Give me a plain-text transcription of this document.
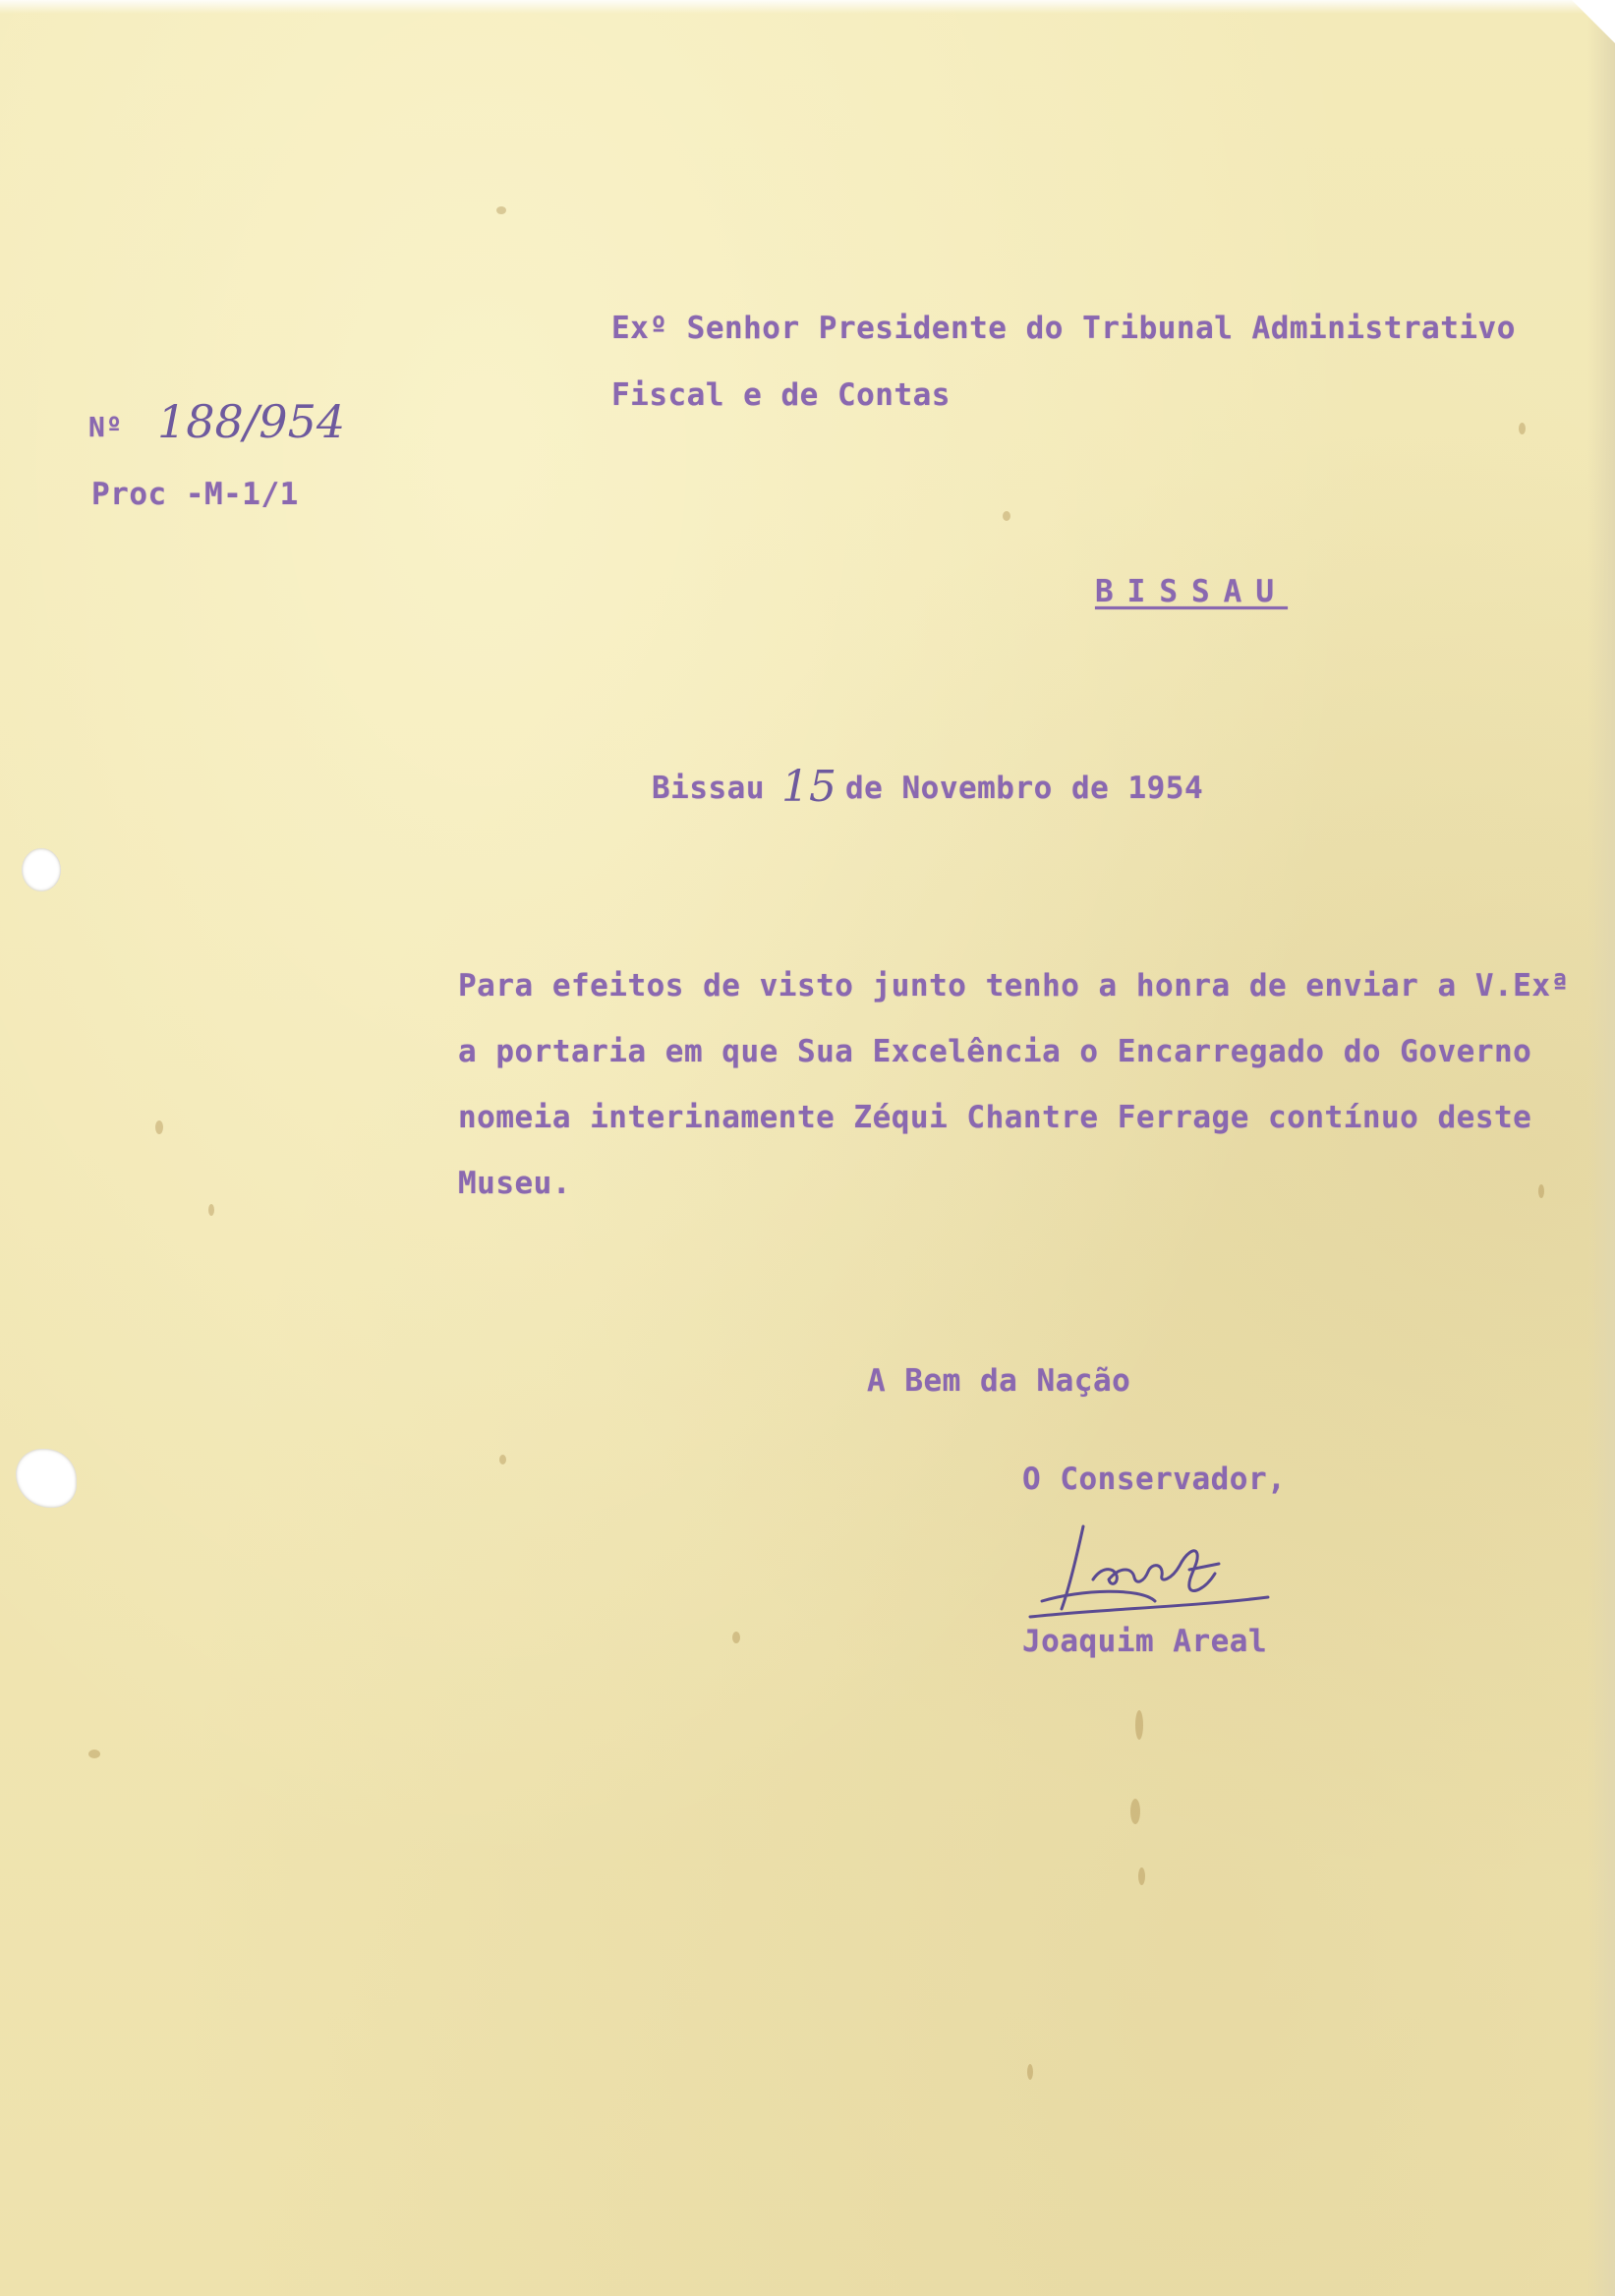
Nº 188/954

Proc -M-1/1

Exº Senhor Presidente do Tribunal Administrativo

Fiscal e de Contas

BISSAU

Bissau 15 de Novembro de 1954

Para efeitos de visto junto tenho a honra de enviar a V.Exª

a portaria em que Sua Excelência o Encarregado do Governo

nomeia interinamente Zéqui Chantre Ferrage contínuo deste

Museu.

A Bem da Nação

O Conservador,

Joaquim Areal
